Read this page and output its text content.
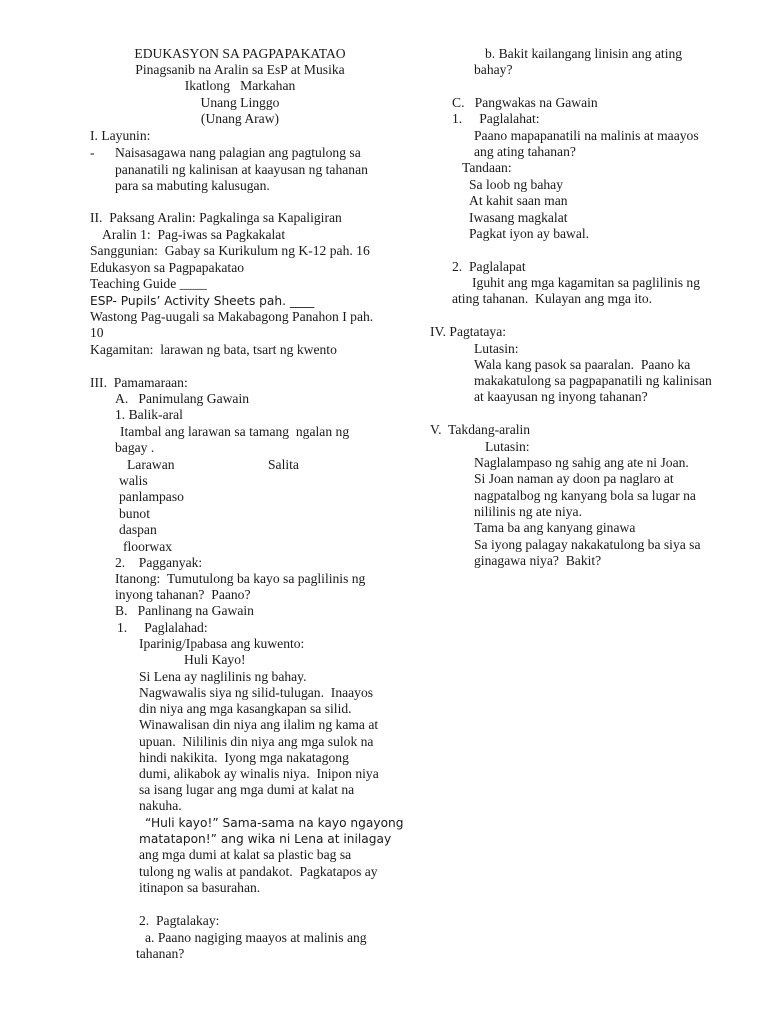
EDUKASYON SA PAGPAPAKATAO
Pinagsanib na Aralin sa EsP at Musika
Ikatlong   Markahan
Unang Linggo
(Unang Araw)
I. Layunin:
- Naisasagawa nang palagian ang pagtulong sa
pananatili ng kalinisan at kaayusan ng tahanan
para sa mabuting kalusugan.
II.  Paksang Aralin: Pagkalinga sa Kapaligiran
Aralin 1:  Pag-iwas sa Pagkakalat
Sanggunian:  Gabay sa Kurikulum ng K-12 pah. 16
Edukasyon sa Pagpapakatao
Teaching Guide ____
ESP- Pupils’ Activity Sheets pah. ____
Wastong Pag-uugali sa Makabagong Panahon I pah.
10
Kagamitan:  larawan ng bata, tsart ng kwento
III.  Pamamaraan:
A.   Panimulang Gawain
1. Balik-aral
Itambal ang larawan sa tamang  ngalan ng
bagay .
Larawan	Salita
walis
panlampaso
bunot
daspan
floorwax
2.    Pagganyak:
Itanong:  Tumutulong ba kayo sa paglilinis ng
inyong tahanan?  Paano?
B.   Panlinang na Gawain
1.     Paglalahad:
Iparinig/Ipabasa ang kuwento:
Huli Kayo!
Si Lena ay naglilinis ng bahay.
Nagwawalis siya ng silid-tulugan.  Inaayos
din niya ang mga kasangkapan sa silid.
Winawalisan din niya ang ilalim ng kama at
upuan.  Nililinis din niya ang mga sulok na
hindi nakikita.  Iyong mga nakatagong
dumi, alikabok ay winalis niya.  Inipon niya
sa isang lugar ang mga dumi at kalat na
nakuha.
“Huli kayo!” Sama-sama na kayo ngayong
matatapon!” ang wika ni Lena at inilagay
ang mga dumi at kalat sa plastic bag sa
tulong ng walis at pandakot.  Pagkatapos ay
itinapon sa basurahan.
2.  Pagtalakay:
a. Paano nagiging maayos at malinis ang
tahanan?
b. Bakit kailangang linisin ang ating
bahay?
C.   Pangwakas na Gawain
1.     Paglalahat:
Paano mapapanatili na malinis at maayos
ang ating tahanan?
Tandaan:
Sa loob ng bahay
At kahit saan man
Iwasang magkalat
Pagkat iyon ay bawal.
2.  Paglalapat
Iguhit ang mga kagamitan sa paglilinis ng
ating tahanan.  Kulayan ang mga ito.
IV. Pagtataya:
Lutasin:
Wala kang pasok sa paaralan.  Paano ka
makakatulong sa pagpapanatili ng kalinisan
at kaayusan ng inyong tahanan?
V.  Takdang-aralin
Lutasin:
Naglalampaso ng sahig ang ate ni Joan.
Si Joan naman ay doon pa naglaro at
nagpatalbog ng kanyang bola sa lugar na
nililinis ng ate niya.
Tama ba ang kanyang ginawa
Sa iyong palagay nakakatulong ba siya sa
ginagawa niya?  Bakit?
